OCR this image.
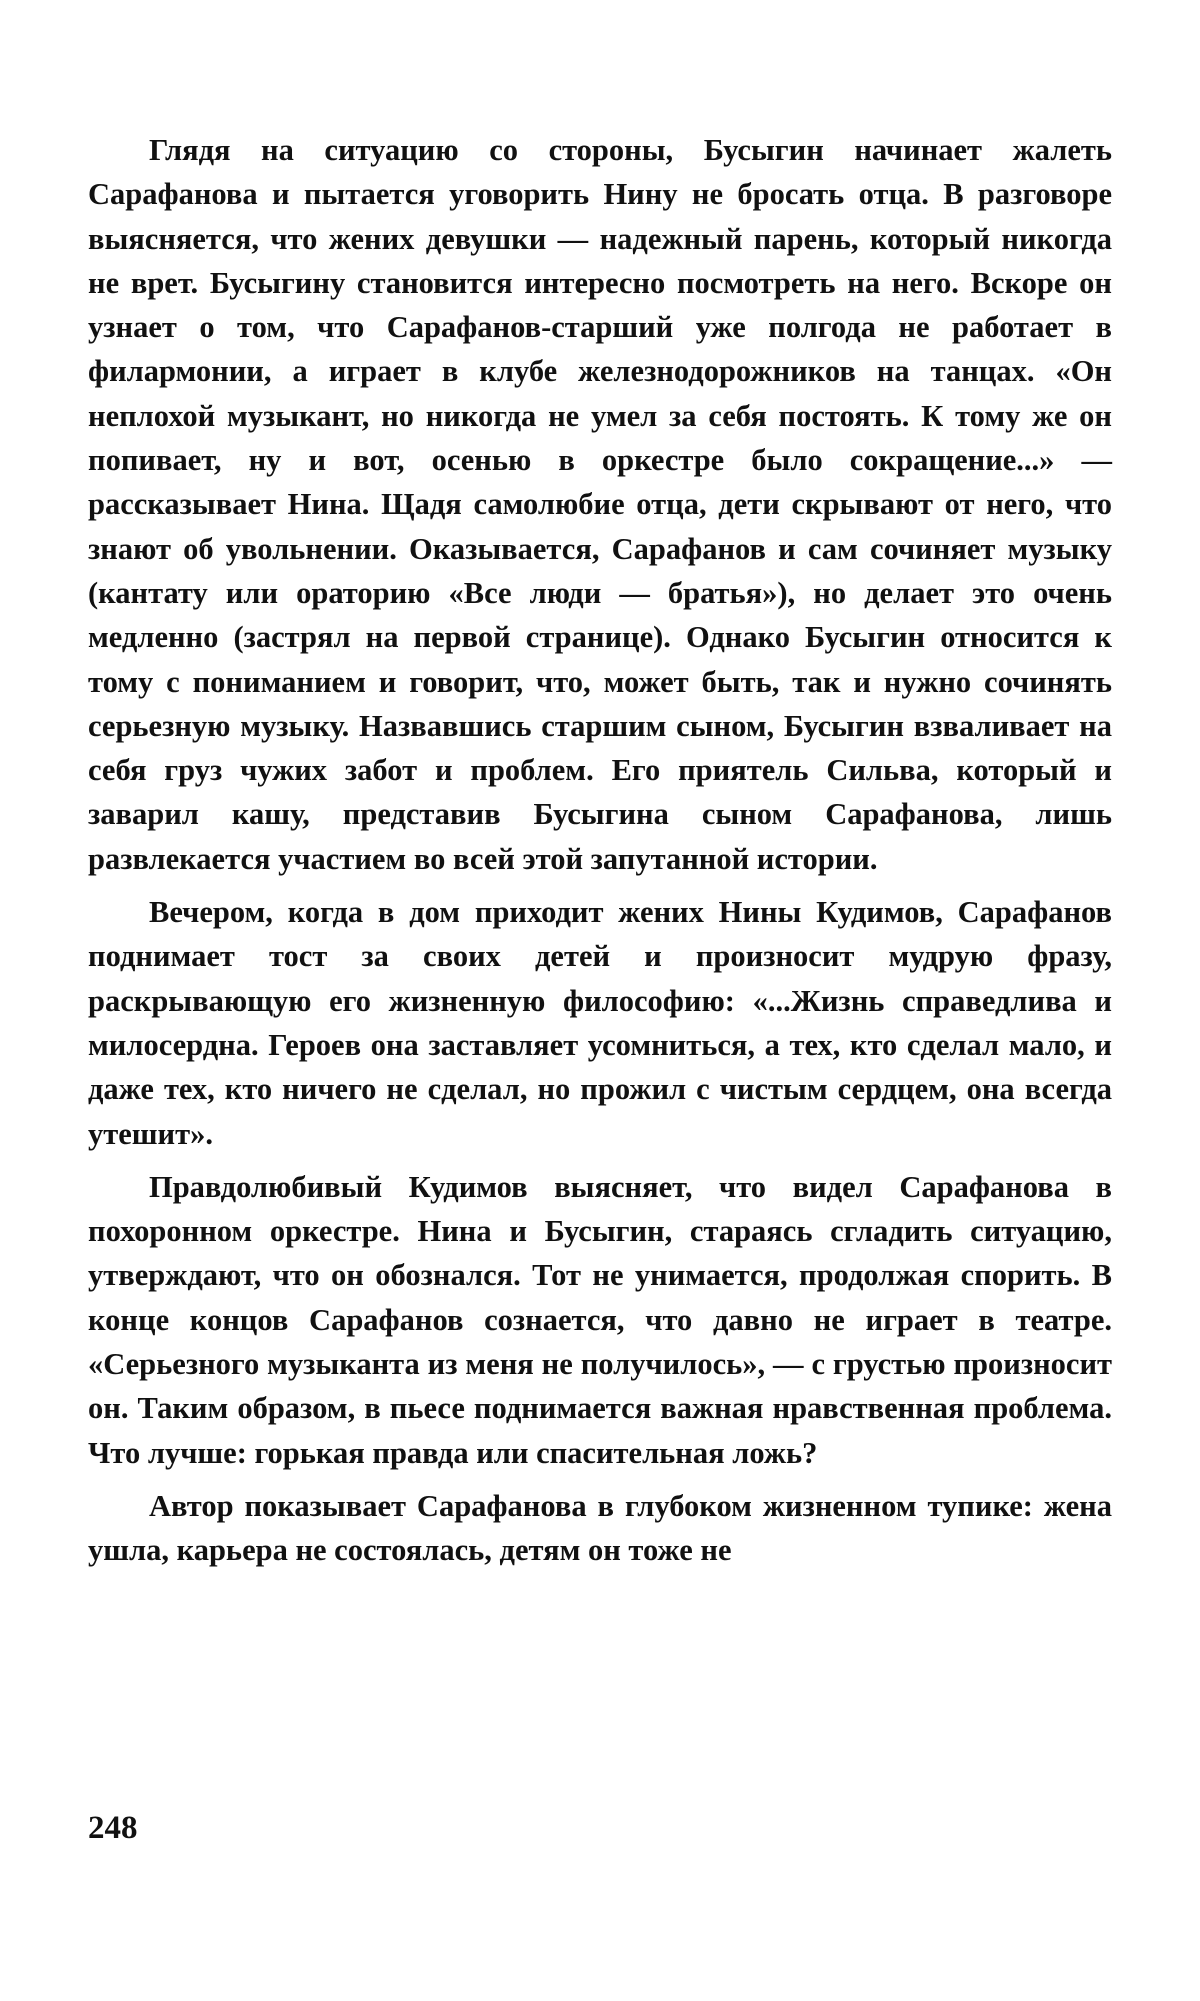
Глядя на ситуацию со стороны, Бусыгин начинает жалеть Сарафанова и пытается уговорить Нину не бросать отца. В разговоре выясняется, что жених девушки — надежный парень, который никогда не врет. Бусыгину становится интересно посмотреть на него. Вскоре он узнает о том, что Сарафанов-старший уже полгода не работает в филармонии, а играет в клубе железнодорожников на танцах. «Он неплохой музыкант, но никогда не умел за себя постоять. К тому же он попивает, ну и вот, осенью в оркестре было сокращение...» — рассказывает Нина. Щадя самолюбие отца, дети скрывают от него, что знают об увольнении. Оказывается, Сарафанов и сам сочиняет музыку (кантату или ораторию «Все люди — братья»), но делает это очень медленно (застрял на первой странице). Однако Бусыгин относится к тому с пониманием и говорит, что, может быть, так и нужно сочинять серьезную музыку. Назвавшись старшим сыном, Бусыгин взваливает на себя груз чужих забот и проблем. Его приятель Сильва, который и заварил кашу, представив Бусыгина сыном Сарафанова, лишь развлекается участием во всей этой запутанной истории.

Вечером, когда в дом приходит жених Нины Кудимов, Сарафанов поднимает тост за своих детей и произносит мудрую фразу, раскрывающую его жизненную философию: «...Жизнь справедлива и милосердна. Героев она заставляет усомниться, а тех, кто сделал мало, и даже тех, кто ничего не сделал, но прожил с чистым сердцем, она всегда утешит».

Правдолюбивый Кудимов выясняет, что видел Сарафанова в похоронном оркестре. Нина и Бусыгин, стараясь сгладить ситуацию, утверждают, что он обознался. Тот не унимается, продолжая спорить. В конце концов Сарафанов сознается, что давно не играет в театре. «Серьезного музыканта из меня не получилось», — с грустью произносит он. Таким образом, в пьесе поднимается важная нравственная проблема. Что лучше: горькая правда или спасительная ложь?

Автор показывает Сарафанова в глубоком жизненном тупике: жена ушла, карьера не состоялась, детям он тоже не

248
